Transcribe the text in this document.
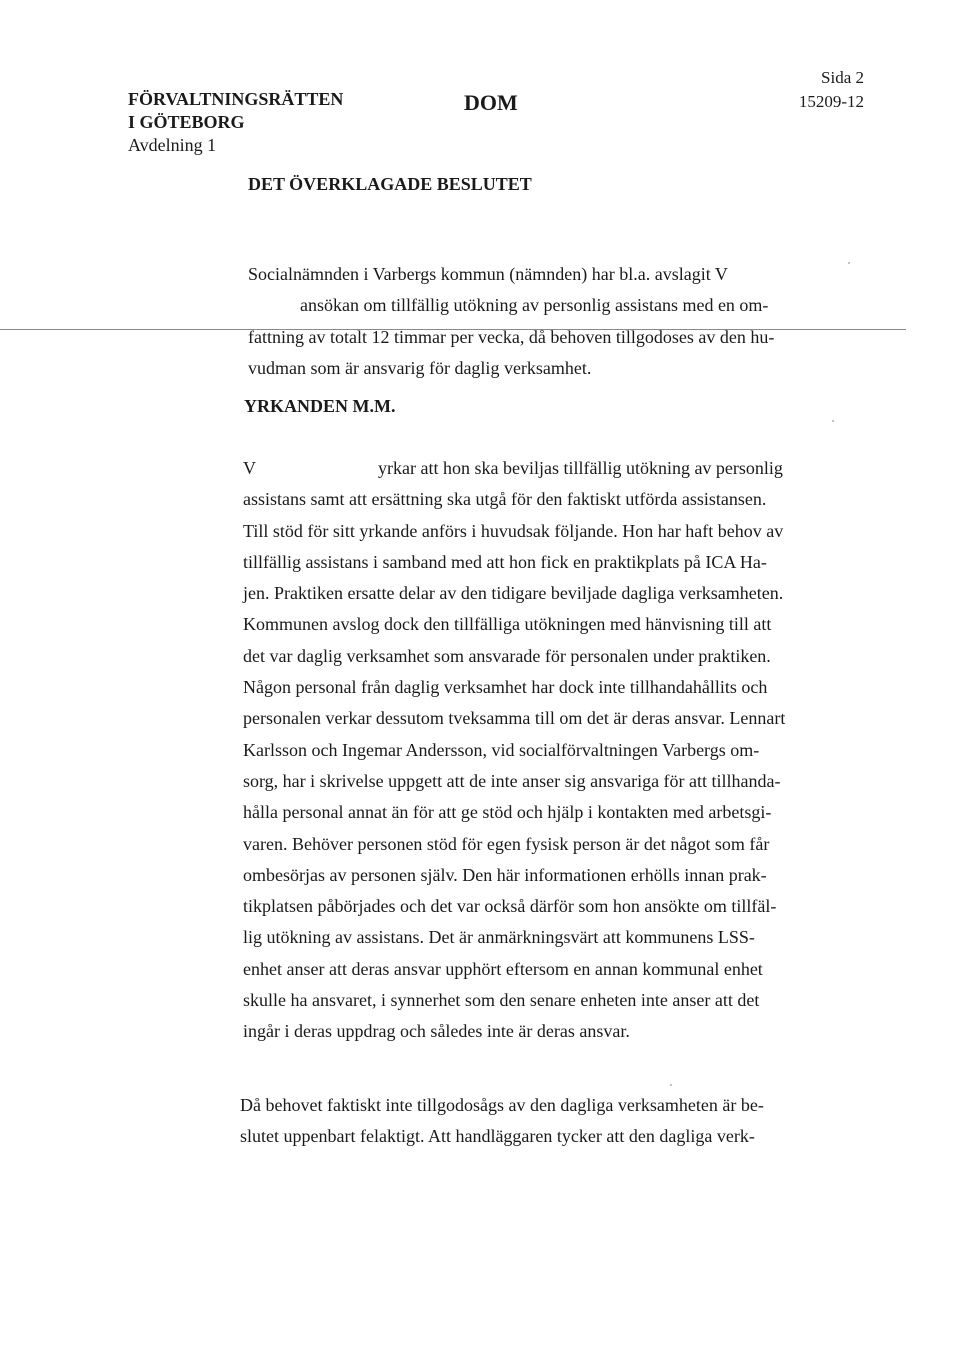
FÖRVALTNINGSRÄTTEN
I GÖTEBORG
Avdelning 1
DOM
Sida 2
15209-12
DET ÖVERKLAGADE BESLUTET
Socialnämnden i Varbergs kommun (nämnden) har bl.a. avslagit V
ansökan om tillfällig utökning av personlig assistans med en om-
fattning av totalt 12 timmar per vecka, då behoven tillgodoses av den hu-
vudman som är ansvarig för daglig verksamhet.
YRKANDEN M.M.
V	yrkar att hon ska beviljas tillfällig utökning av personlig
assistans samt att ersättning ska utgå för den faktiskt utförda assistansen.
Till stöd för sitt yrkande anförs i huvudsak följande. Hon har haft behov av
tillfällig assistans i samband med att hon fick en praktikplats på ICA Ha-
jen. Praktiken ersatte delar av den tidigare beviljade dagliga verksamheten.
Kommunen avslog dock den tillfälliga utökningen med hänvisning till att
det var daglig verksamhet som ansvarade för personalen under praktiken.
Någon personal från daglig verksamhet har dock inte tillhandahållits och
personalen verkar dessutom tveksamma till om det är deras ansvar. Lennart
Karlsson och Ingemar Andersson, vid socialförvaltningen Varbergs om-
sorg, har i skrivelse uppgett att de inte anser sig ansvariga för att tillhanda-
hålla personal annat än för att ge stöd och hjälp i kontakten med arbetsgi-
varen. Behöver personen stöd för egen fysisk person är det något som får
ombesörjas av personen själv. Den här informationen erhölls innan prak-
tikplatsen påbörjades och det var också därför som hon ansökte om tillfäl-
lig utökning av assistans. Det är anmärkningsvärt att kommunens LSS-
enhet anser att deras ansvar upphört eftersom en annan kommunal enhet
skulle ha ansvaret, i synnerhet som den senare enheten inte anser att det
ingår i deras uppdrag och således inte är deras ansvar.
Då behovet faktiskt inte tillgodosågs av den dagliga verksamheten är be-
slutet uppenbart felaktigt. Att handläggaren tycker att den dagliga verk-
